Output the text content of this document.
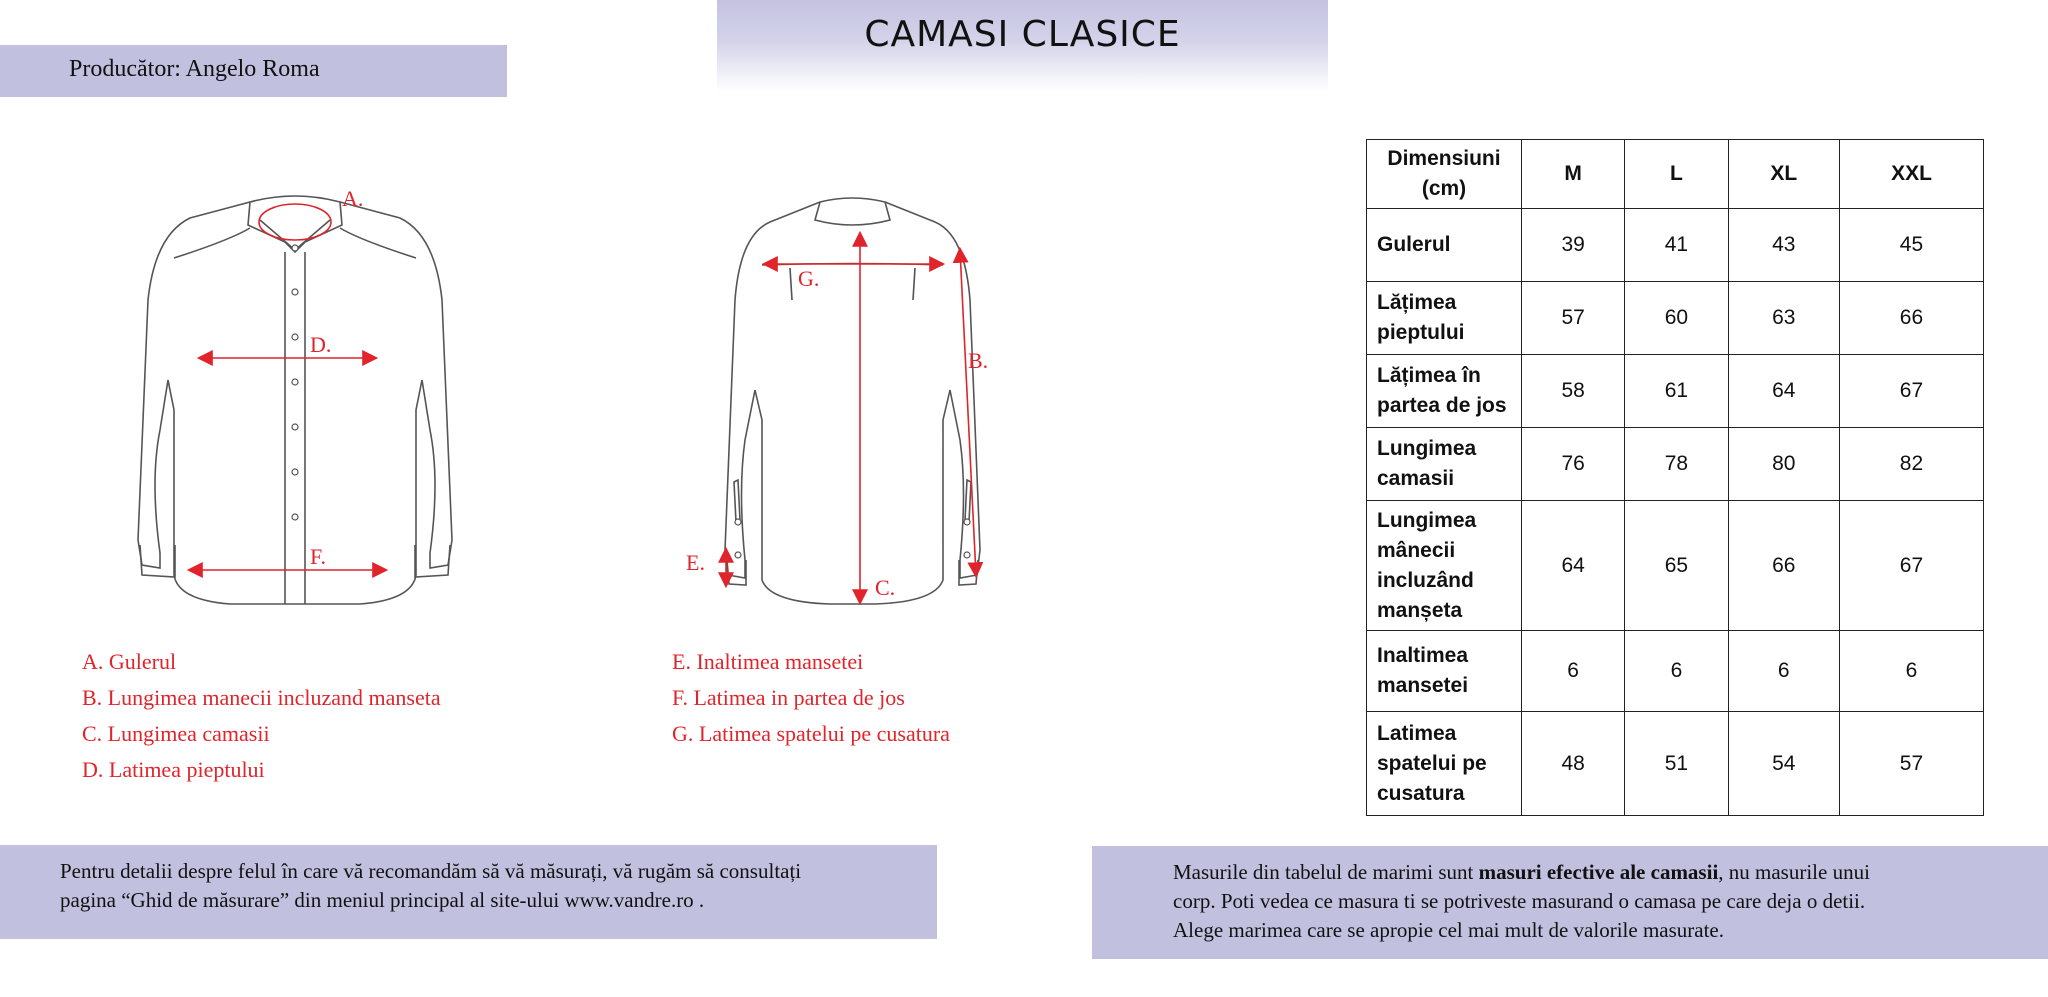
CAMASI CLASICE
Producător: Angelo Roma
A.
D.
F.
G.
B.
C.
E.
A. Gulerul
B. Lungimea manecii incluzand manseta
C. Lungimea camasii
D. Latimea pieptului
E. Inaltimea mansetei
F. Latimea in partea de jos
G. Latimea spatelui pe cusatura
Dimensiuni (cm)	M	L	XL	XXL
Gulerul	39	41	43	45
Lățimea pieptului	57	60	63	66
Lățimea în partea de jos	58	61	64	67
Lungimea camasii	76	78	80	82
Lungimea mânecii incluzând manșeta	64	65	66	67
Inaltimea mansetei	6	6	6	6
Latimea spatelui pe cusatura	48	51	54	57
Pentru detalii despre felul în care vă recomandăm să vă măsurați, vă rugăm să consultați
pagina “Ghid de măsurare” din meniul principal al site-ului www.vandre.ro .
Masurile din tabelul de marimi sunt masuri efective ale camasii, nu masurile unui
corp. Poti vedea ce masura ti se potriveste masurand o camasa pe care deja o detii.
Alege marimea care se apropie cel mai mult de valorile masurate.
